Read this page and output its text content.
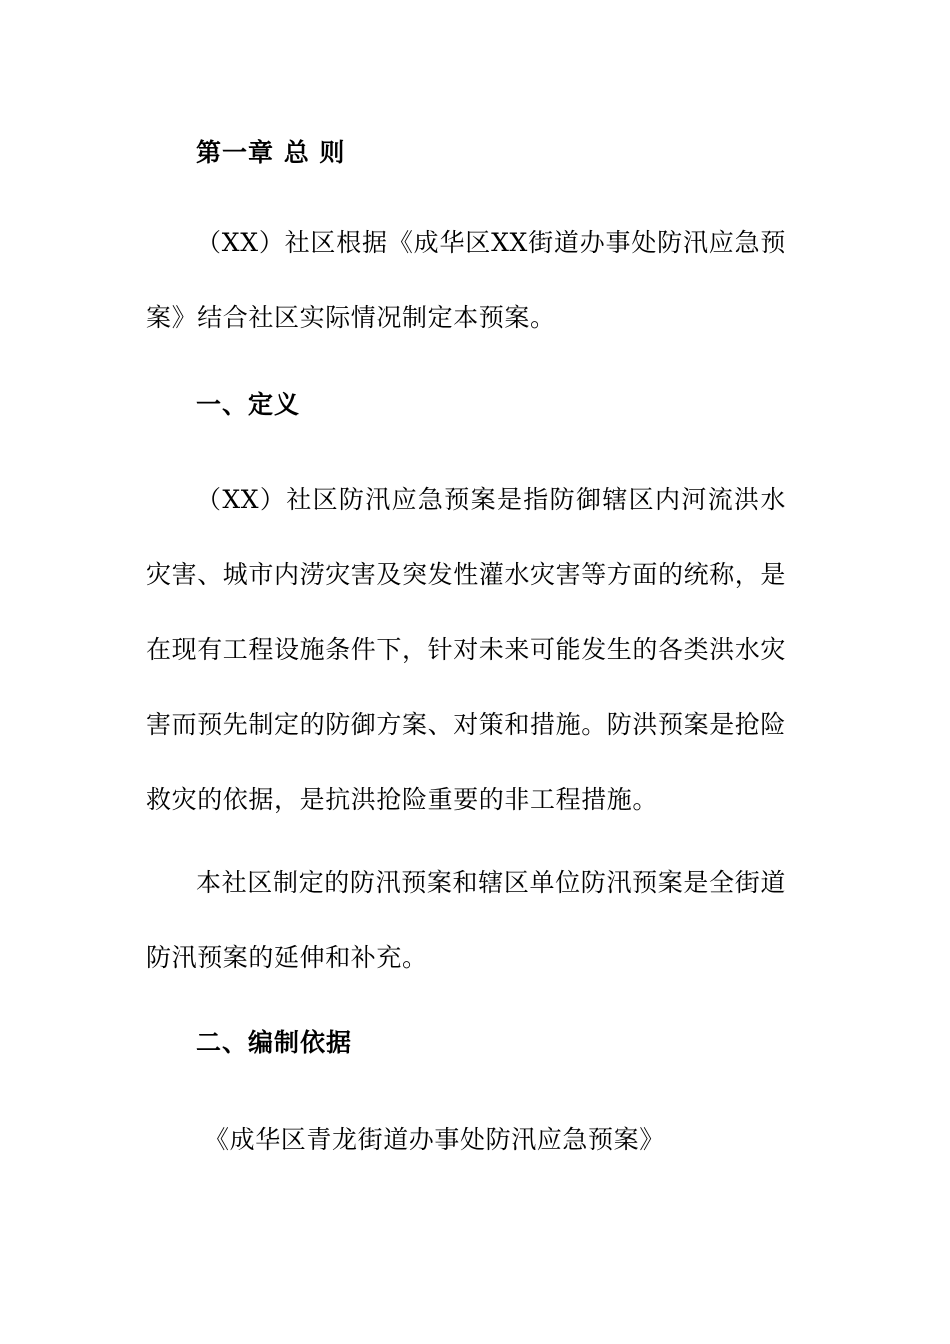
第一章 总 则
（XX）社区根据《成华区XX街道办事处防汛应急预案》结合社区实际情况制定本预案。
一、定义
（XX）社区防汛应急预案是指防御辖区内河流洪水灾害、城市内涝灾害及突发性灌水灾害等方面的统称，是在现有工程设施条件下，针对未来可能发生的各类洪水灾害而预先制定的防御方案、对策和措施。防洪预案是抢险救灾的依据，是抗洪抢险重要的非工程措施。
本社区制定的防汛预案和辖区单位防汛预案是全街道防汛预案的延伸和补充。
二、编制依据
《成华区青龙街道办事处防汛应急预案》
